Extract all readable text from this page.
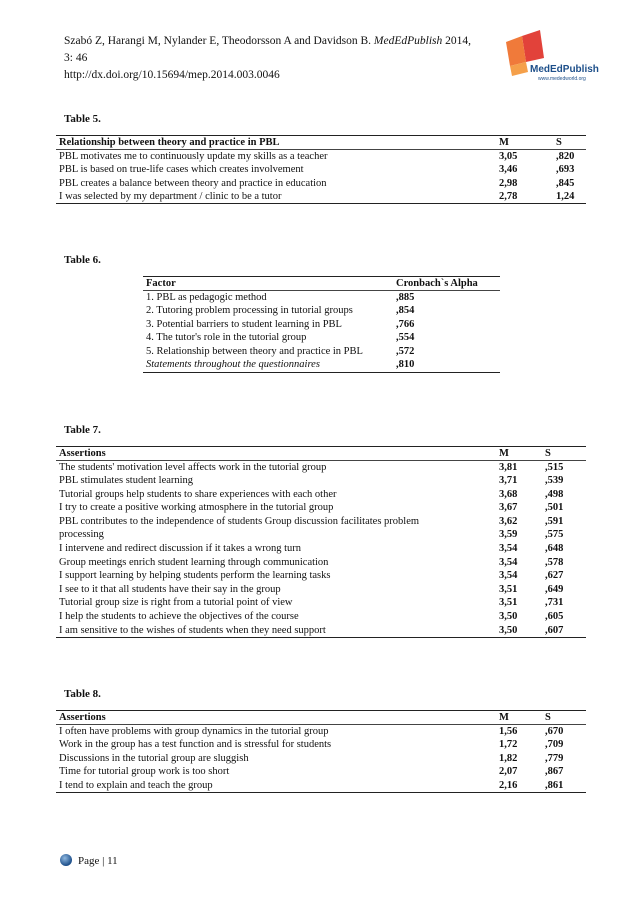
Szabó Z, Harangi M, Nylander E, Theodorsson A and Davidson B. MedEdPublish 2014,
3: 46
http://dx.doi.org/10.15694/mep.2014.003.0046	MedEdPublish
www.mededworld.org
Table 5.
Relationship between theory and practice in PBL	M	S
PBL motivates me to continuously update my skills as a teacher	3,05	,820
PBL is based on true-life cases which creates involvement	3,46	,693
PBL creates a balance between theory and practice in education	2,98	,845
I was selected by my department / clinic to be a tutor	2,78	1,24
Table 6.
Factor	Cronbach`s Alpha
1. PBL as pedagogic method	,885
2. Tutoring problem processing in tutorial groups	,854
3. Potential barriers to student learning in PBL	,766
4. The tutor's role in the tutorial group	,554
5. Relationship between theory and practice in PBL	,572
Statements throughout the questionnaires	,810
Table 7.
Assertions	M	S
The students' motivation level affects work in the tutorial group	3,81	,515
PBL stimulates student learning	3,71	,539
Tutorial groups help students to share experiences with each other	3,68	,498
I try to create a positive working atmosphere in the tutorial group	3,67	,501
PBL contributes to the independence of students Group discussion facilitates problem	3,62	,591
processing	3,59	,575
I intervene and redirect discussion if it takes a wrong turn	3,54	,648
Group meetings enrich student learning through communication	3,54	,578
I support learning by helping students perform the learning tasks	3,54	,627
I see to it that all students have their say in the group	3,51	,649
Tutorial group size is right from a tutorial point of view	3,51	,731
I help the students to achieve the objectives of the course	3,50	,605
I am sensitive to the wishes of students when they need support	3,50	,607
Table 8.
Assertions	M	S
I often have problems with group dynamics in the tutorial group	1,56	,670
Work in the group has a test function and is stressful for students	1,72	,709
Discussions in the tutorial group are sluggish	1,82	,779
Time for tutorial group work is too short	2,07	,867
I tend to explain and teach the group	2,16	,861
Page | 11
